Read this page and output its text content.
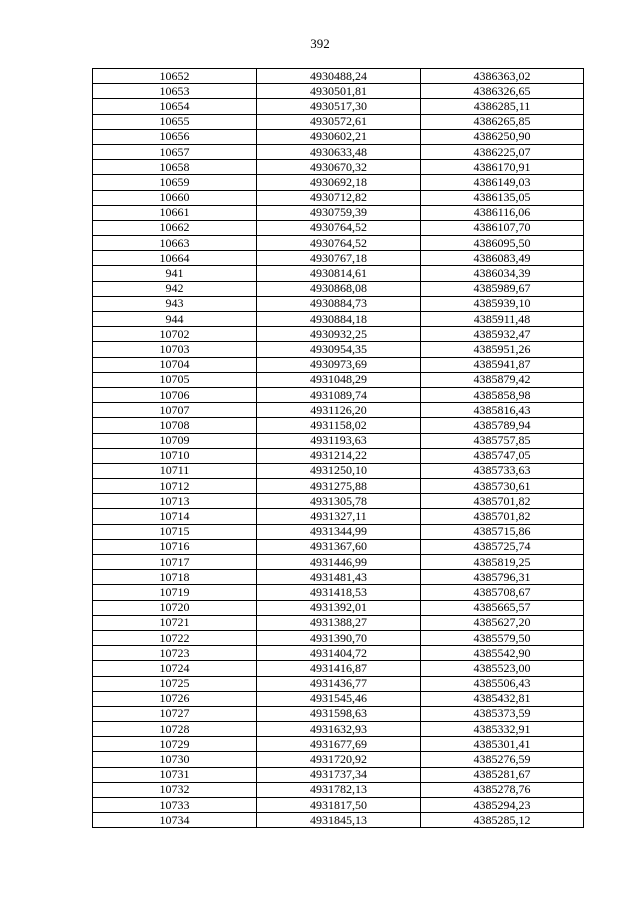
392
10652	4930488,24	4386363,02
10653	4930501,81	4386326,65
10654	4930517,30	4386285,11
10655	4930572,61	4386265,85
10656	4930602,21	4386250,90
10657	4930633,48	4386225,07
10658	4930670,32	4386170,91
10659	4930692,18	4386149,03
10660	4930712,82	4386135,05
10661	4930759,39	4386116,06
10662	4930764,52	4386107,70
10663	4930764,52	4386095,50
10664	4930767,18	4386083,49
941	4930814,61	4386034,39
942	4930868,08	4385989,67
943	4930884,73	4385939,10
944	4930884,18	4385911,48
10702	4930932,25	4385932,47
10703	4930954,35	4385951,26
10704	4930973,69	4385941,87
10705	4931048,29	4385879,42
10706	4931089,74	4385858,98
10707	4931126,20	4385816,43
10708	4931158,02	4385789,94
10709	4931193,63	4385757,85
10710	4931214,22	4385747,05
10711	4931250,10	4385733,63
10712	4931275,88	4385730,61
10713	4931305,78	4385701,82
10714	4931327,11	4385701,82
10715	4931344,99	4385715,86
10716	4931367,60	4385725,74
10717	4931446,99	4385819,25
10718	4931481,43	4385796,31
10719	4931418,53	4385708,67
10720	4931392,01	4385665,57
10721	4931388,27	4385627,20
10722	4931390,70	4385579,50
10723	4931404,72	4385542,90
10724	4931416,87	4385523,00
10725	4931436,77	4385506,43
10726	4931545,46	4385432,81
10727	4931598,63	4385373,59
10728	4931632,93	4385332,91
10729	4931677,69	4385301,41
10730	4931720,92	4385276,59
10731	4931737,34	4385281,67
10732	4931782,13	4385278,76
10733	4931817,50	4385294,23
10734	4931845,13	4385285,12
